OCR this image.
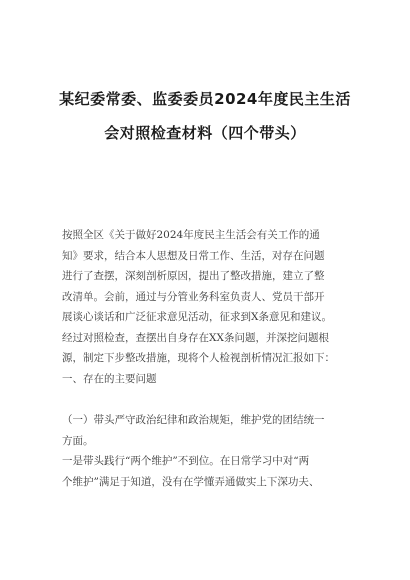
某纪委常委、监委委员2024年度民主生活
会对照检查材料（四个带头）
按照全区《关于做好2024年度民主生活会有关工作的通
知》要求，结合本人思想及日常工作、生活，对存在问题
进行了查摆，深刻剖析原因，提出了整改措施，建立了整
改清单。会前，通过与分管业务科室负责人、党员干部开
展谈心谈话和广泛征求意见活动，征求到X条意见和建议。
经过对照检查，查摆出自身存在XX条问题，并深挖问题根
源，制定下步整改措施，现将个人检视剖析情况汇报如下：
一、存在的主要问题
（一）带头严守政治纪律和政治规矩，维护党的团结统一
方面。
一是带头践行“两个维护”不到位。在日常学习中对“两
个维护”满足于知道，没有在学懂弄通做实上下深功夫、
